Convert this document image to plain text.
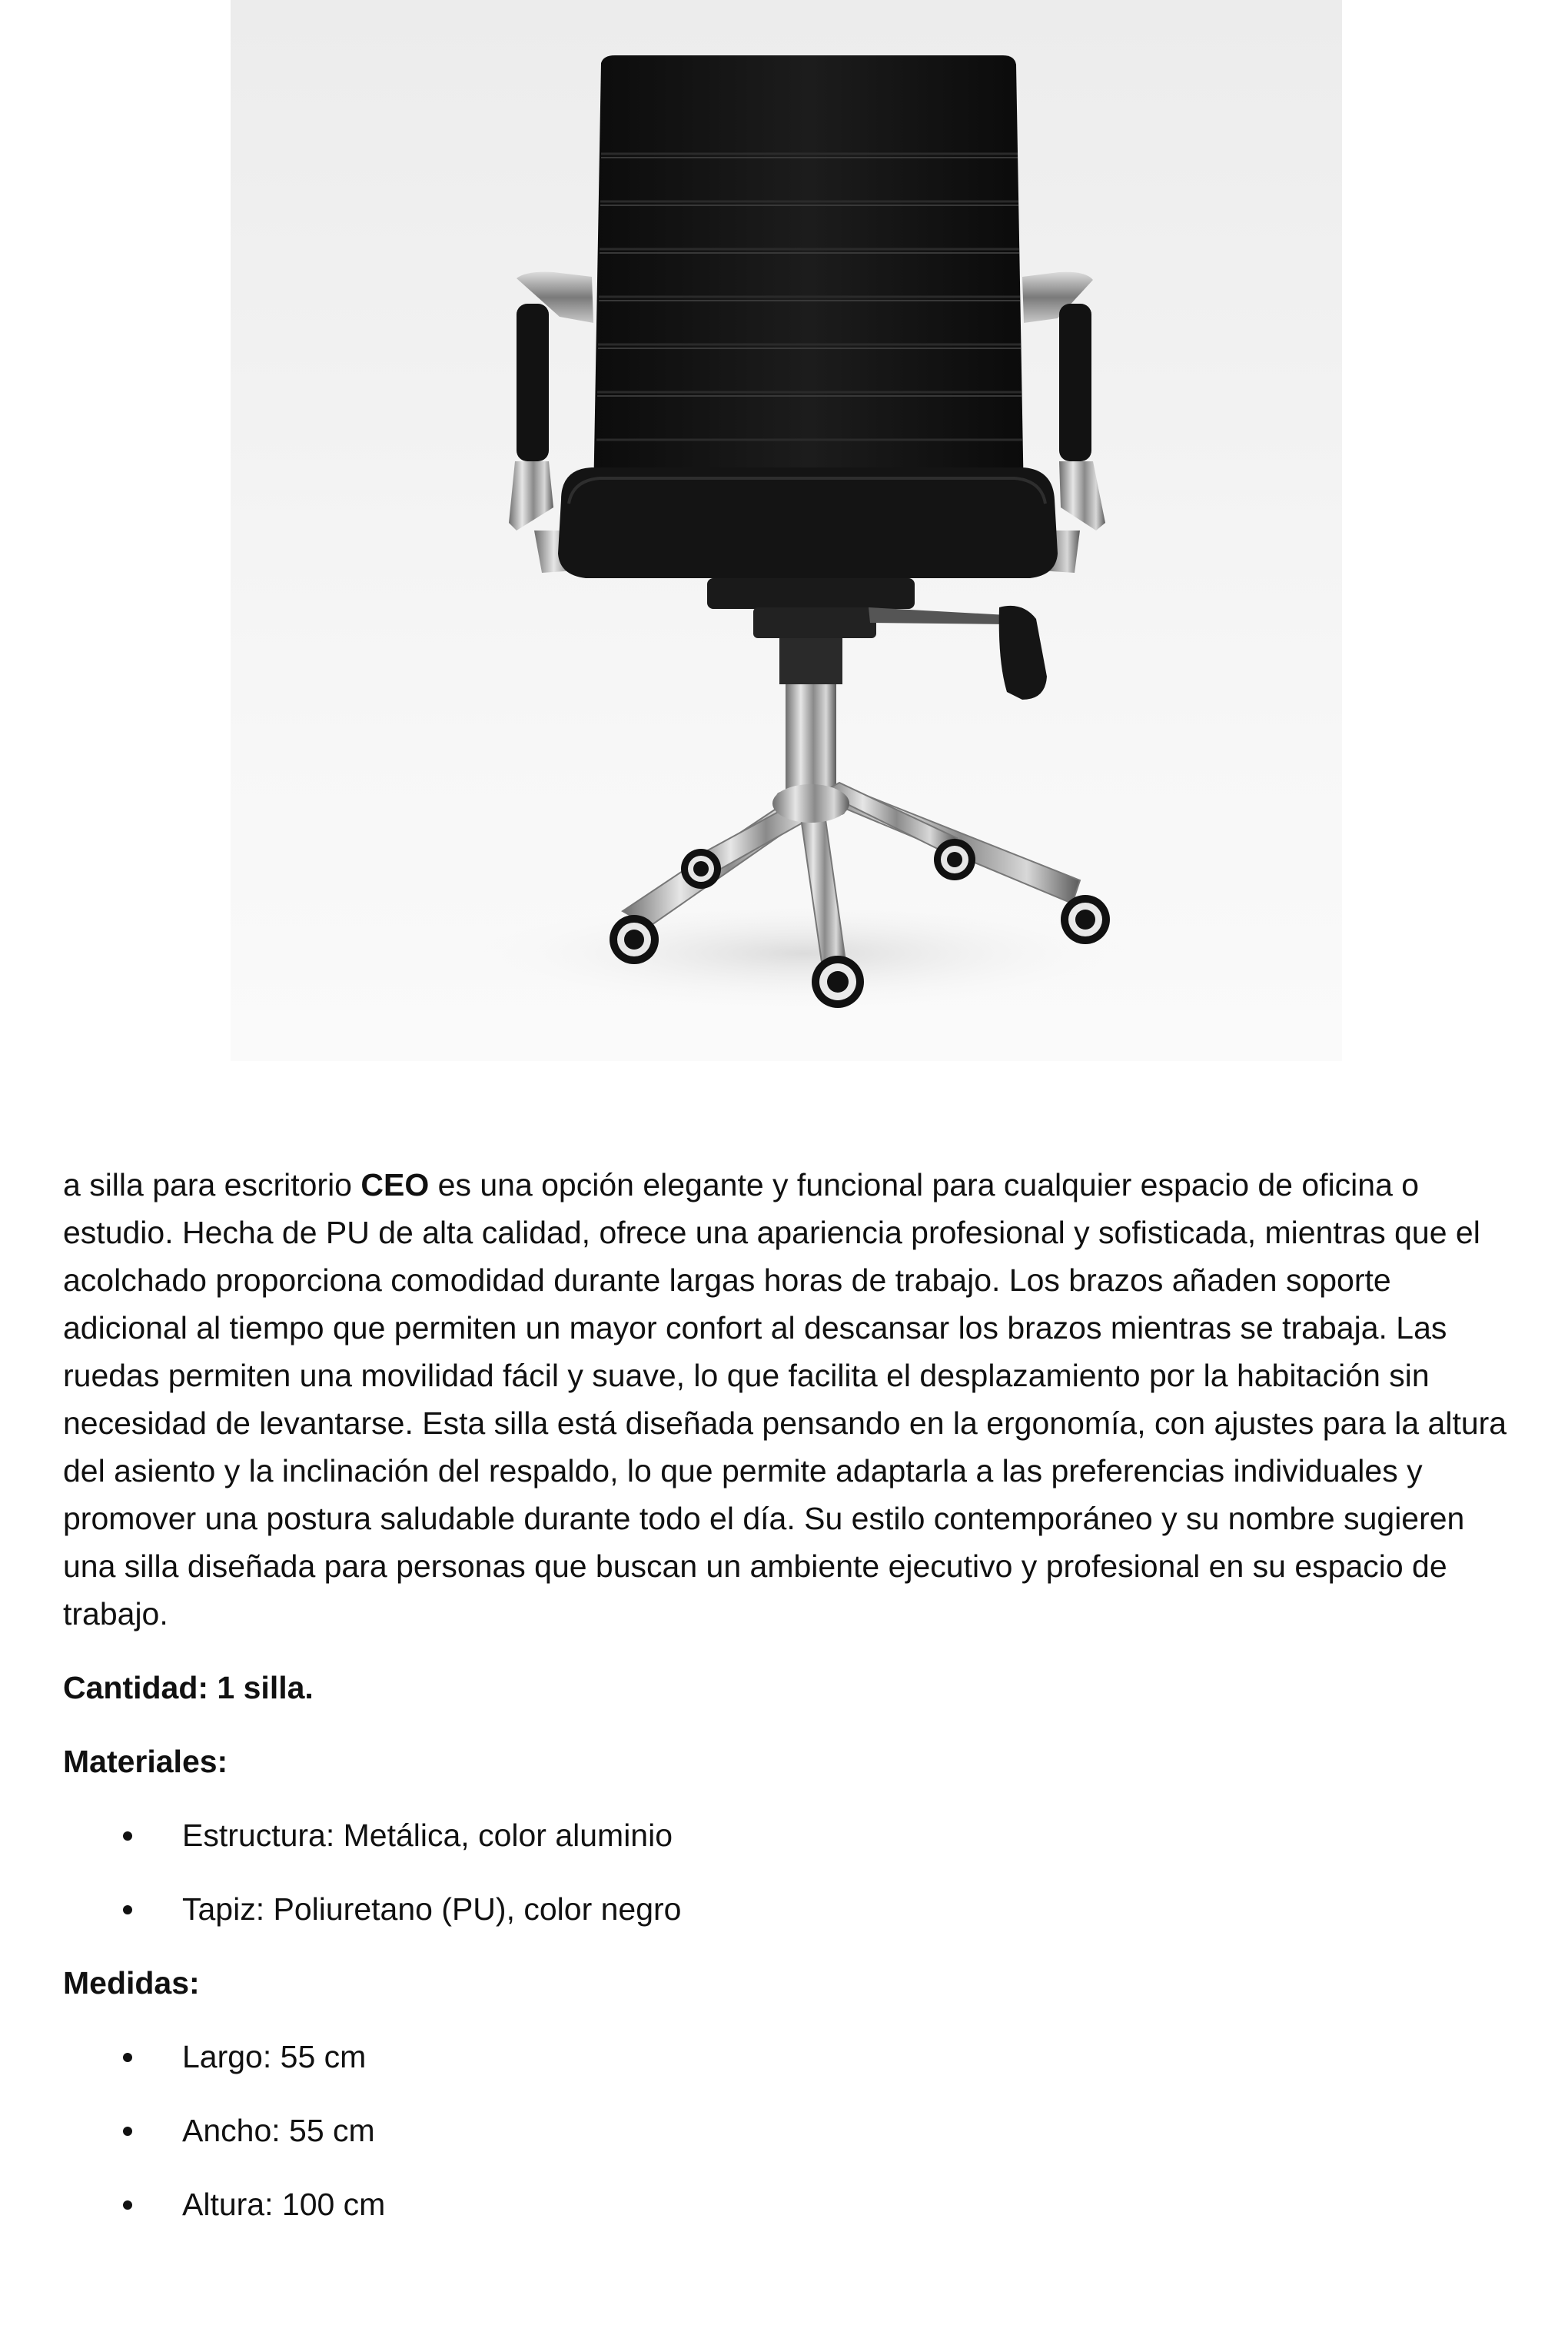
a silla para escritorio CEO es una opción elegante y funcional para cualquier espacio de oficina o estudio. Hecha de PU de alta calidad, ofrece una apariencia profesional y sofisticada, mientras que el acolchado proporciona comodidad durante largas horas de trabajo. Los brazos añaden soporte adicional al tiempo que permiten un mayor confort al descansar los brazos mientras se trabaja. Las ruedas permiten una movilidad fácil y suave, lo que facilita el desplazamiento por la habitación sin necesidad de levantarse. Esta silla está diseñada pensando en la ergonomía, con ajustes para la altura del asiento y la inclinación del respaldo, lo que permite adaptarla a las preferencias individuales y promover una postura saludable durante todo el día. Su estilo contemporáneo y su nombre sugieren una silla diseñada para personas que buscan un ambiente ejecutivo y profesional en su espacio de trabajo.

Cantidad: 1 silla.

Materiales:

Estructura: Metálica, color aluminio
Tapiz: Poliuretano (PU), color negro

Medidas:

Largo: 55 cm
Ancho: 55 cm
Altura: 100 cm
